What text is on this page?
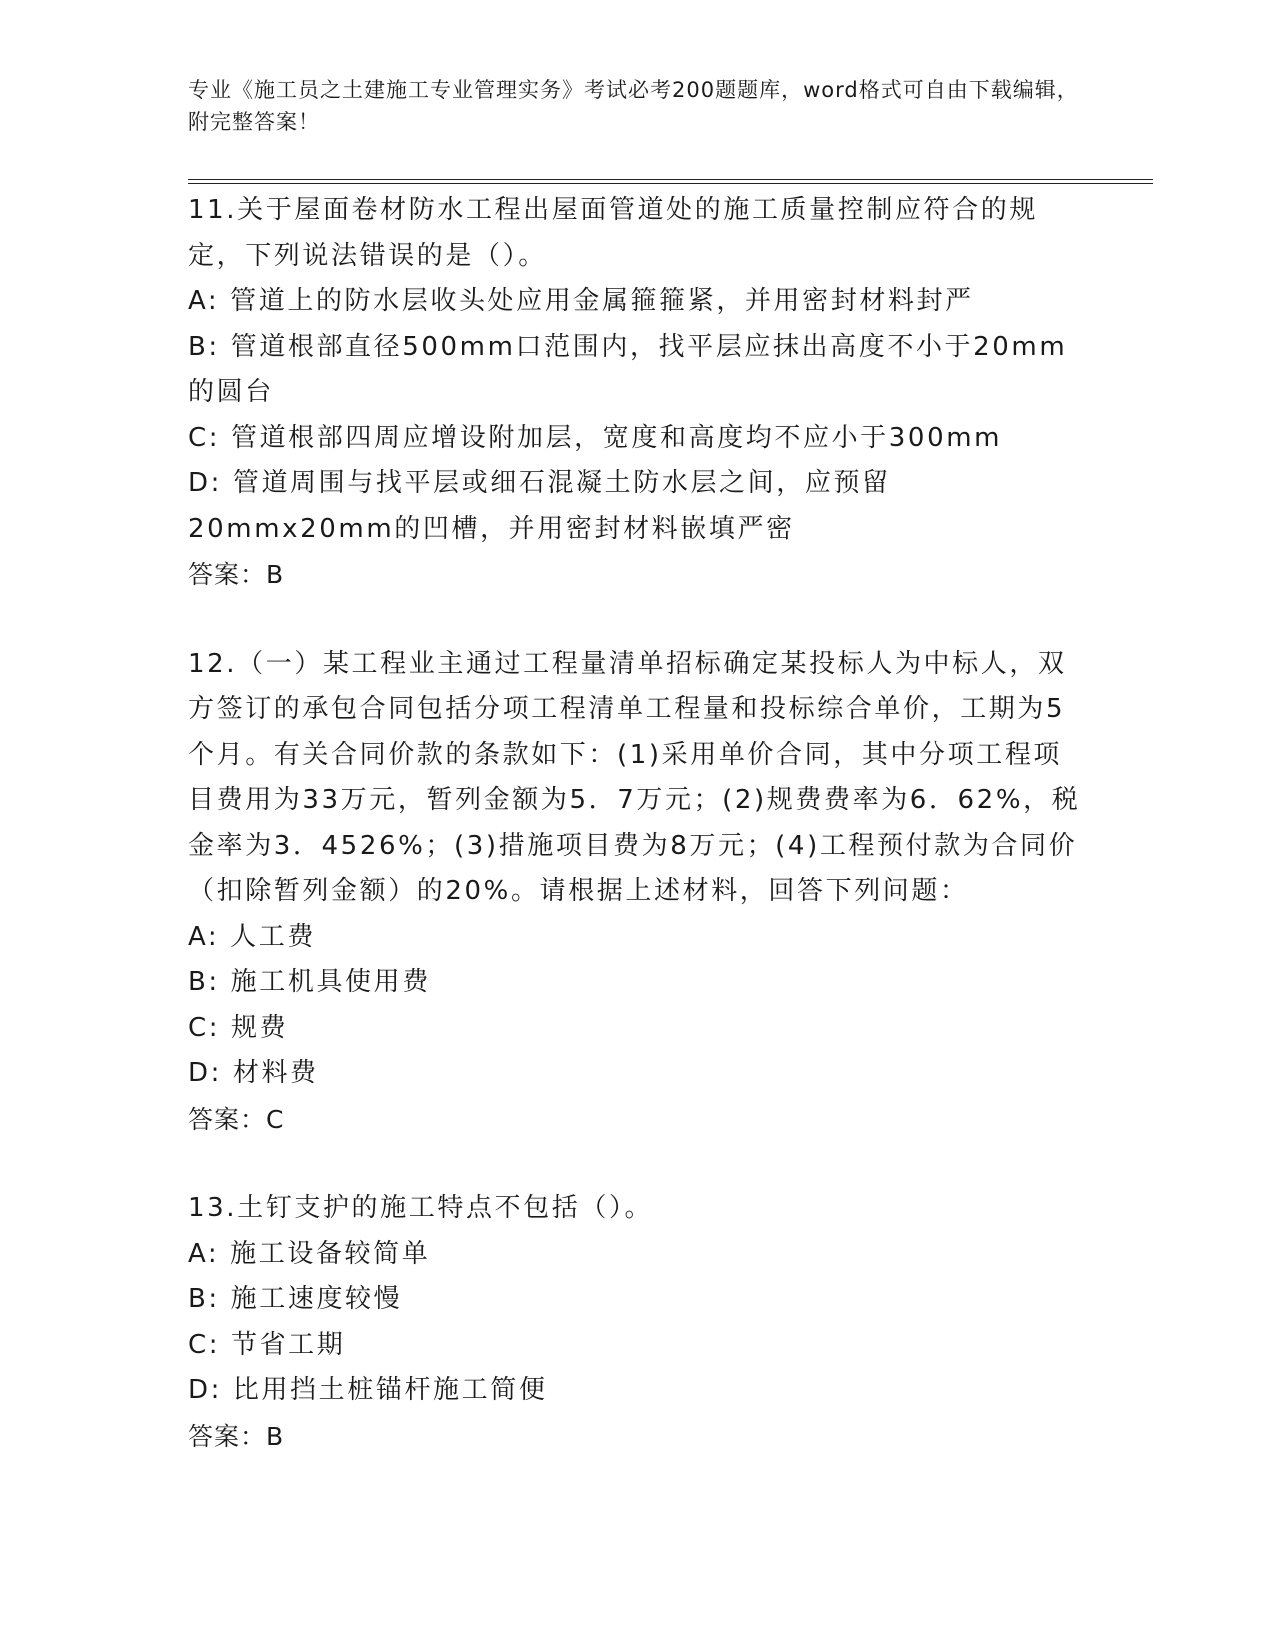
专业《施工员之土建施工专业管理实务》考试必考200题题库，word格式可自由下载编辑，附完整答案！

11.关于屋面卷材防水工程出屋面管道处的施工质量控制应符合的规定，下列说法错误的是（）。

A: 管道上的防水层收头处应用金属箍箍紧，并用密封材料封严

B: 管道根部直径500mm口范围内，找平层应抹出高度不小于20mm的圆台

C: 管道根部四周应增设附加层，宽度和高度均不应小于300mm

D: 管道周围与找平层或细石混凝土防水层之间，应预留20mmx20mm的凹槽，并用密封材料嵌填严密

答案：B

12.（一）某工程业主通过工程量清单招标确定某投标人为中标人，双方签订的承包合同包括分项工程清单工程量和投标综合单价，工期为5个月。有关合同价款的条款如下：(1)采用单价合同，其中分项工程项目费用为33万元，暂列金额为5．7万元；(2)规费费率为6．62%，税金率为3．4526%；(3)措施项目费为8万元；(4)工程预付款为合同价（扣除暂列金额）的20%。请根据上述材料，回答下列问题：

A: 人工费

B: 施工机具使用费

C: 规费

D: 材料费

答案：C

13.土钉支护的施工特点不包括（）。

A: 施工设备较简单

B: 施工速度较慢

C: 节省工期

D: 比用挡土桩锚杆施工简便

答案：B
